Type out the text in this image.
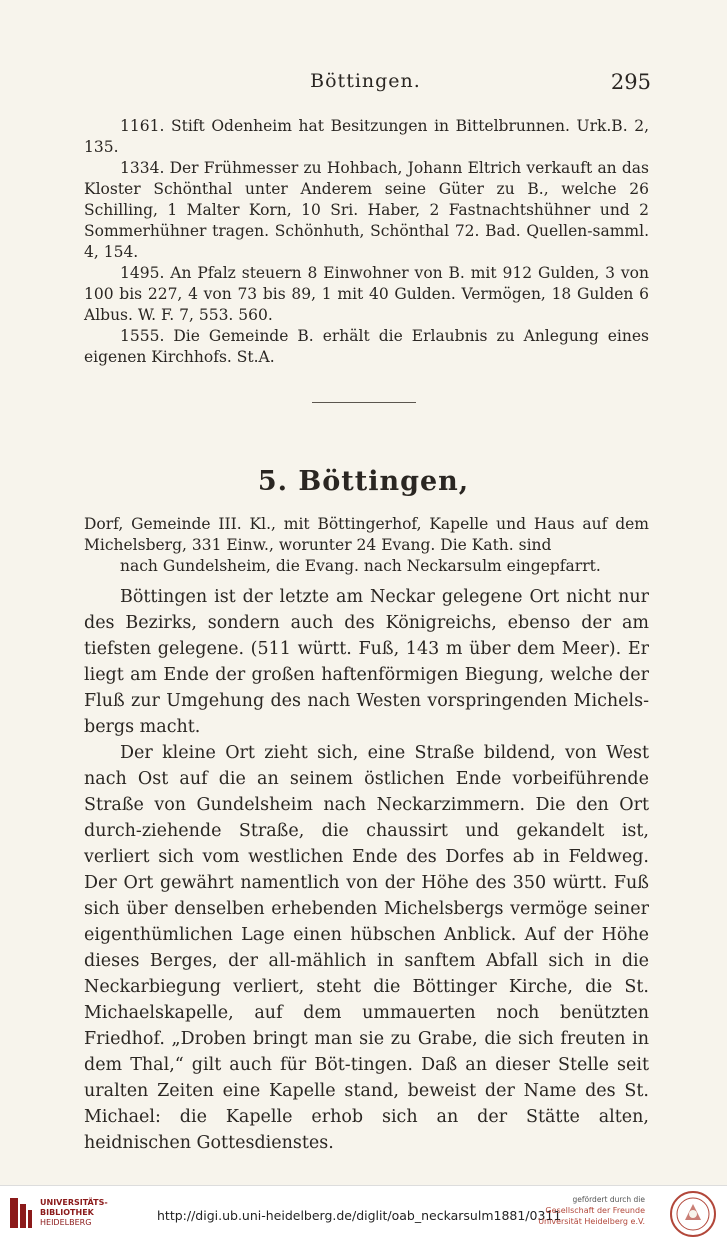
Böttingen.	295

1161. Stift Odenheim hat Besitzungen in Bittelbrunnen. Urk.B. 2, 135.

1334. Der Frühmesser zu Hohbach, Johann Eltrich verkauft an das Kloster Schönthal unter Anderem seine Güter zu B., welche 26 Schilling, 1 Malter Korn, 10 Sri. Haber, 2 Fastnachtshühner und 2 Sommerhühner tragen. Schönhuth, Schönthal 72. Bad. Quellen-samml. 4, 154.

1495. An Pfalz steuern 8 Einwohner von B. mit 912 Gulden, 3 von 100 bis 227, 4 von 73 bis 89, 1 mit 40 Gulden. Vermögen, 18 Gulden 6 Albus. W. F. 7, 553. 560.

1555. Die Gemeinde B. erhält die Erlaubnis zu Anlegung eines eigenen Kirchhofs. St.A.

5. Böttingen,
Dorf, Gemeinde III. Kl., mit Böttingerhof, Kapelle und Haus auf dem Michelsberg, 331 Einw., worunter 24 Evang. Die Kath. sind
nach Gundelsheim, die Evang. nach Neckarsulm eingepfarrt.

Böttingen ist der letzte am Neckar gelegene Ort nicht nur des Bezirks, sondern auch des Königreichs, ebenso der am tiefsten gelegene. (511 württ. Fuß, 143 m über dem Meer). Er liegt am Ende der großen haftenförmigen Biegung, welche der Fluß zur Umgehung des nach Westen vorspringenden Michels-bergs macht.

Der kleine Ort zieht sich, eine Straße bildend, von West nach Ost auf die an seinem östlichen Ende vorbeiführende Straße von Gundelsheim nach Neckarzimmern. Die den Ort durch-ziehende Straße, die chaussirt und gekandelt ist, verliert sich vom westlichen Ende des Dorfes ab in Feldweg. Der Ort gewährt namentlich von der Höhe des 350 württ. Fuß sich über denselben erhebenden Michelsbergs vermöge seiner eigenthümlichen Lage einen hübschen Anblick. Auf der Höhe dieses Berges, der all-mählich in sanftem Abfall sich in die Neckarbiegung verliert, steht die Böttinger Kirche, die St. Michaelskapelle, auf dem ummauerten noch benützten Friedhof. „Droben bringt man sie zu Grabe, die sich freuten in dem Thal,“ gilt auch für Böt-tingen. Daß an dieser Stelle seit uralten Zeiten eine Kapelle stand, beweist der Name des St. Michael: die Kapelle erhob sich an der Stätte alten, heidnischen Gottesdienstes.

UNIVERSITÄTS-
BIBLIOTHEK
HEIDELBERG	http://digi.ub.uni-heidelberg.de/diglit/oab_neckarsulm1881/0311
gefördert durch die
Gesellschaft der Freunde
Universität Heidelberg e.V.
